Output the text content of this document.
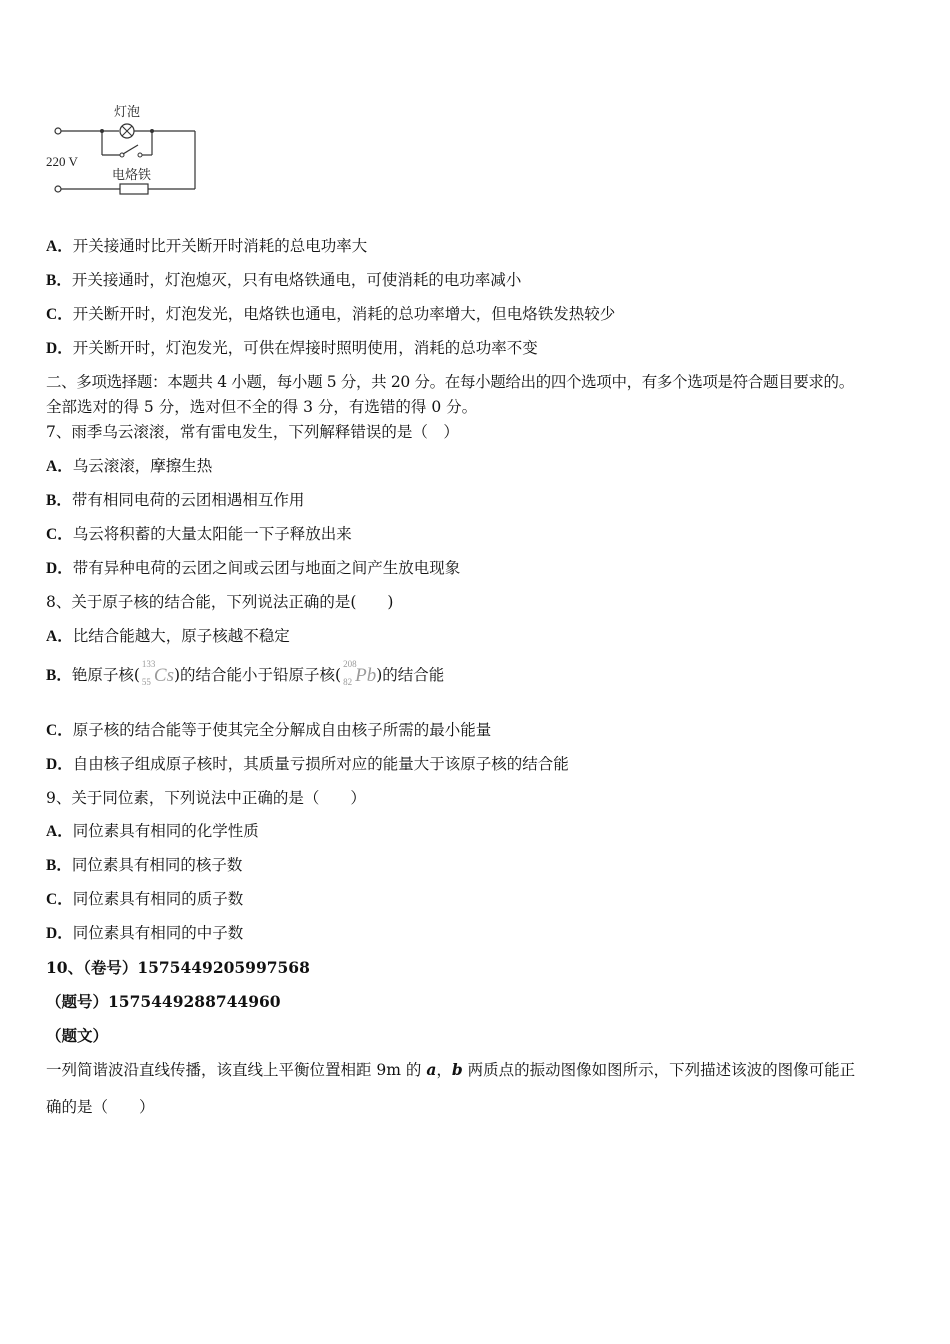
灯泡
220 V
电烙铁
A．开关接通时比开关断开时消耗的总电功率大
B．开关接通时，灯泡熄灭，只有电烙铁通电，可使消耗的电功率减小
C．开关断开时，灯泡发光，电烙铁也通电，消耗的总功率增大，但电烙铁发热较少
D．开关断开时，灯泡发光，可供在焊接时照明使用，消耗的总功率不变
二、多项选择题：本题共 4 小题，每小题 5 分，共 20 分。在每小题给出的四个选项中，有多个选项是符合题目要求的。
全部选对的得 5 分，选对但不全的得 3 分，有选错的得 0 分。
7、雨季乌云滚滚，常有雷电发生，下列解释错误的是（　）
A．乌云滚滚，摩擦生热
B．带有相同电荷的云团相遇相互作用
C．乌云将积蓄的大量太阳能一下子释放出来
D．带有异种电荷的云团之间或云团与地面之间产生放电现象
8、关于原子核的结合能，下列说法正确的是(　　)
A．比结合能越大，原子核越不稳定
B．铯原子核(
133
55 Cs)的结合能小于铅原子核(
208
82 Pb)的结合能
C．原子核的结合能等于使其完全分解成自由核子所需的最小能量
D．自由核子组成原子核时，其质量亏损所对应的能量大于该原子核的结合能
9、关于同位素，下列说法中正确的是（　　）
A．同位素具有相同的化学性质
B．同位素具有相同的核子数
C．同位素具有相同的质子数
D．同位素具有相同的中子数
10、（卷号）1575449205997568
（题号）1575449288744960
（题文）
一列简谐波沿直线传播，该直线上平衡位置相距 9m 的 a，b 两质点的振动图像如图所示，下列描述该波的图像可能正
确的是（　　）
